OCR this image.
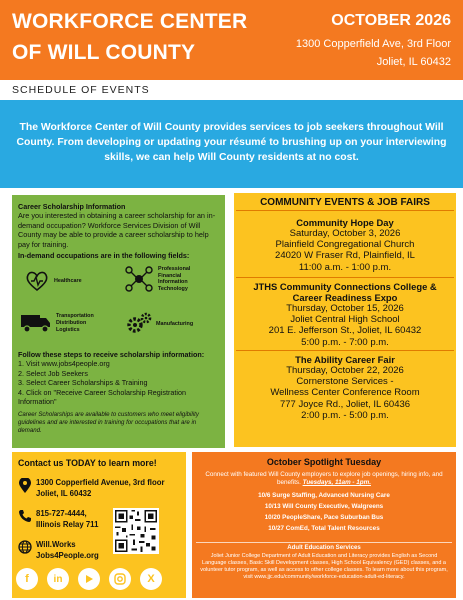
WORKFORCE CENTER OF WILL COUNTY
OCTOBER 2026
1300 Copperfield Ave, 3rd Floor
Joliet, IL 60432
SCHEDULE OF EVENTS

The Workforce Center of Will County provides services to job seekers throughout Will County. From developing or updating your résumé to brushing up on your interviewing skills, we can help Will County residents at no cost.

Career Scholarship Information
Are you interested in obtaining a career scholarship for an in-demand occupation? Workforce Services Division of Will County may be able to provide a career scholarship to help pay for training.
In-demand occupations are in the following fields:
Healthcare
Professional
Financial
Information
Technology
Transportation
Distribution
Logistics
Manufacturing
Follow these steps to receive scholarship information:
1. Visit www.jobs4people.org
2. Select Job Seekers
3. Select Career Scholarships & Training
4. Click on "Receive Career Scholarship Registration Information"
Career Scholarships are available to customers who meet eligibility guidelines and are interested in training for occupations that are in demand.
COMMUNITY EVENTS & JOB FAIRS
Community Hope Day
Saturday, October 3, 2026
Plainfield Congregational Church
24020 W Fraser Rd, Plainfield, IL
11:00 a.m. - 1:00 p.m.
JTHS Community Connections College & Career Readiness Expo
Thursday, October 15, 2026
Joliet Central High School
201 E. Jefferson St., Joliet, IL 60432
5:00 p.m. - 7:00 p.m.
The Ability Career Fair
Thursday, October 22, 2026
Cornerstone Services -
Wellness Center Conference Room
777 Joyce Rd., Joliet, IL 60436
2:00 p.m. - 5:00 p.m.
Contact us TODAY to learn more!
1300 Copperfield Avenue, 3rd floor
Joliet, IL 60432
815-727-4444,
Illinois Relay 711
Will.Works
Jobs4People.org
f	in	X
October Spotlight Tuesday
Connect with featured Will County employers to explore job openings, hiring info, and benefits. Tuesdays, 11am - 1pm.
10/6 Surge Staffing, Advanced Nursing Care
10/13 Will County Executive, Walgreens
10/20 PeopleShare, Pace Suburban Bus
10/27 ComEd, Total Talent Resources
Adult Education Services
Joliet Junior College Department of Adult Education and Literacy provides English as Second Language classes, Basic Skill Development classes, High School Equivalency (GED) classes, and a volunteer tutor program, as well as access to other college classes. To learn more about this program, visit www.jjc.edu/community/workforce-education-adult-ed-literacy.
